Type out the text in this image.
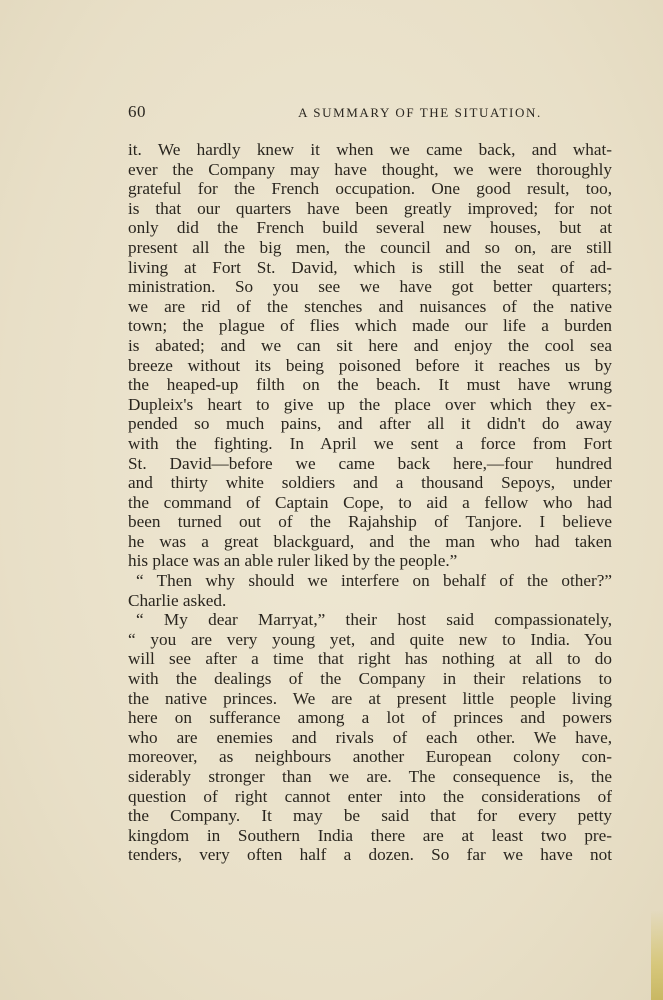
60	A SUMMARY OF THE SITUATION.
it. We hardly knew it when we came back, and what-
ever the Company may have thought, we were thoroughly
grateful for the French occupation. One good result, too,
is that our quarters have been greatly improved; for not
only did the French build several new houses, but at
present all the big men, the council and so on, are still
living at Fort St. David, which is still the seat of ad-
ministration. So you see we have got better quarters;
we are rid of the stenches and nuisances of the native
town; the plague of flies which made our life a burden
is abated; and we can sit here and enjoy the cool sea
breeze without its being poisoned before it reaches us by
the heaped-up filth on the beach. It must have wrung
Dupleix's heart to give up the place over which they ex-
pended so much pains, and after all it didn't do away
with the fighting. In April we sent a force from Fort
St. David—before we came back here,—four hundred
and thirty white soldiers and a thousand Sepoys, under
the command of Captain Cope, to aid a fellow who had
been turned out of the Rajahship of Tanjore. I believe
he was a great blackguard, and the man who had taken
his place was an able ruler liked by the people.”
“ Then why should we interfere on behalf of the other?”
Charlie asked.
“ My dear Marryat,” their host said compassionately,
“ you are very young yet, and quite new to India. You
will see after a time that right has nothing at all to do
with the dealings of the Company in their relations to
the native princes. We are at present little people living
here on sufferance among a lot of princes and powers
who are enemies and rivals of each other. We have,
moreover, as neighbours another European colony con-
siderably stronger than we are. The consequence is, the
question of right cannot enter into the considerations of
the Company. It may be said that for every petty
kingdom in Southern India there are at least two pre-
tenders, very often half a dozen. So far we have not
